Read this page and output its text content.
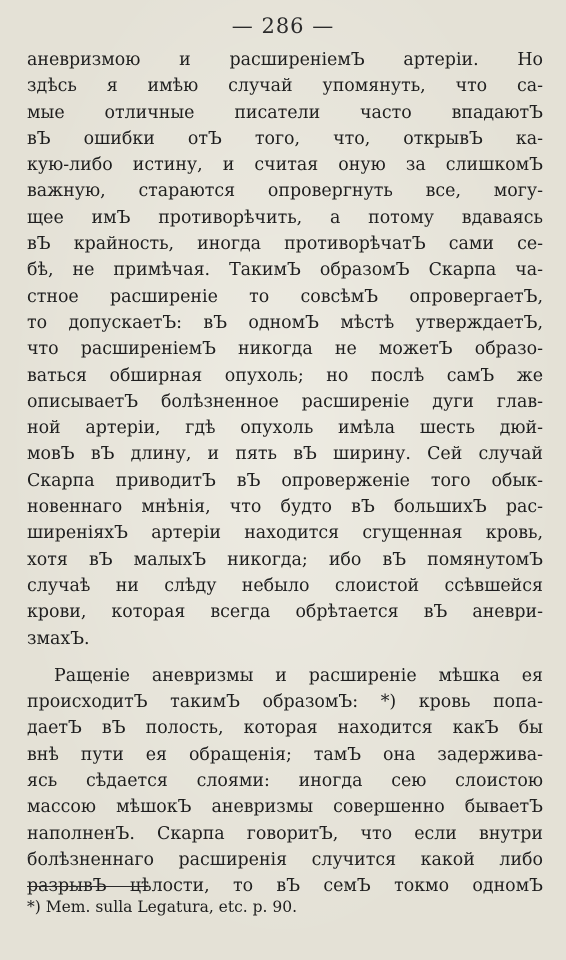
— 286 —
аневризмою и расширеніемЪ артеріи. Но
здѣсь я имѣю случай упомянуть, что са-
мые отличные писатели часто впадаютЪ
вЪ ошибки отЪ того, что, открывЪ ка-
кую-либо истину, и считая оную за слишкомЪ
важную, стараются опровергнуть все, могу-
щее имЪ противорѣчить, а потому вдаваясь
вЪ крайность, иногда противорѣчатЪ сами се-
бѣ, не примѣчая. ТакимЪ образомЪ Скарпа ча-
стное расширеніе то совсѣмЪ опровергаетЪ,
то допускаетЪ: вЪ одномЪ мѣстѣ утверждаетЪ,
что расширеніемЪ никогда не можетЪ образо-
ваться обширная опухоль; но послѣ самЪ же
описываетЪ болѣзненное расширеніе дуги глав-
ной артеріи, гдѣ опухоль имѣла шесть дюй-
мовЪ вЪ длину, и пять вЪ ширину. Сей случай
Скарпа приводитЪ вЪ опроверженіе того обык-
новеннаго мнѣнія, что будто вЪ большихЪ рас-
ширеніяхЪ артеріи находится сгущенная кровь,
хотя вЪ малыхЪ никогда; ибо вЪ помянутомЪ
случаѣ ни слѣду небыло слоистой ссѣвшейся
крови, которая всегда обрѣтается вЪ аневри-
змахЪ.
Ращеніе аневризмы и расширеніе мѣшка ея
происходитЪ такимЪ образомЪ: *) кровь попа-
даетЪ вЪ полость, которая находится какЪ бы
внѣ пути ея обращенія; тамЪ она задержива-
ясь сѣдается слоями: иногда сею слоистою
массою мѣшокЪ аневризмы совершенно бываетЪ
наполненЪ. Скарпа говоритЪ, что если внутри
болѣзненнаго расширенія случится какой либо
разрывЪ цѣлости, то вЪ семЪ токмо одномЪ
*) Mem. sulla Legatura, etc. p. 90.
